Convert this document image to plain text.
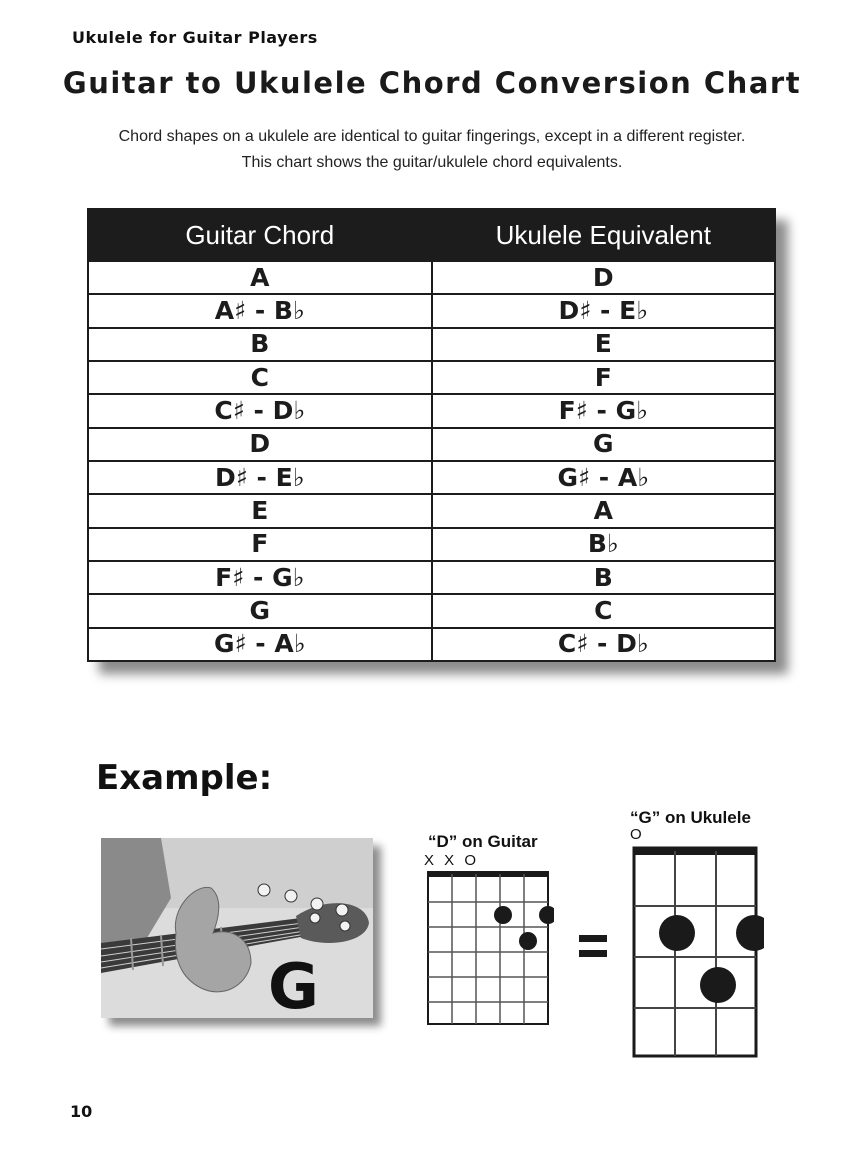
Ukulele for Guitar Players
Guitar to Ukulele Chord Conversion Chart
Chord shapes on a ukulele are identical to guitar fingerings, except in a different register.
This chart shows the guitar/ukulele chord equivalents.
Guitar Chord	Ukulele Equivalent
A	D
A♯ - B♭	D♯ - E♭
B	E
C	F
C♯ - D♭	F♯ - G♭
D	G
D♯ - E♭	G♯ - A♭
E	A
F	B♭
F♯ - G♭	B
G	C
G♯ - A♭	C♯ - D♭
Example:
G
“D” on Guitar
X X O
“G” on Ukulele
O
10
